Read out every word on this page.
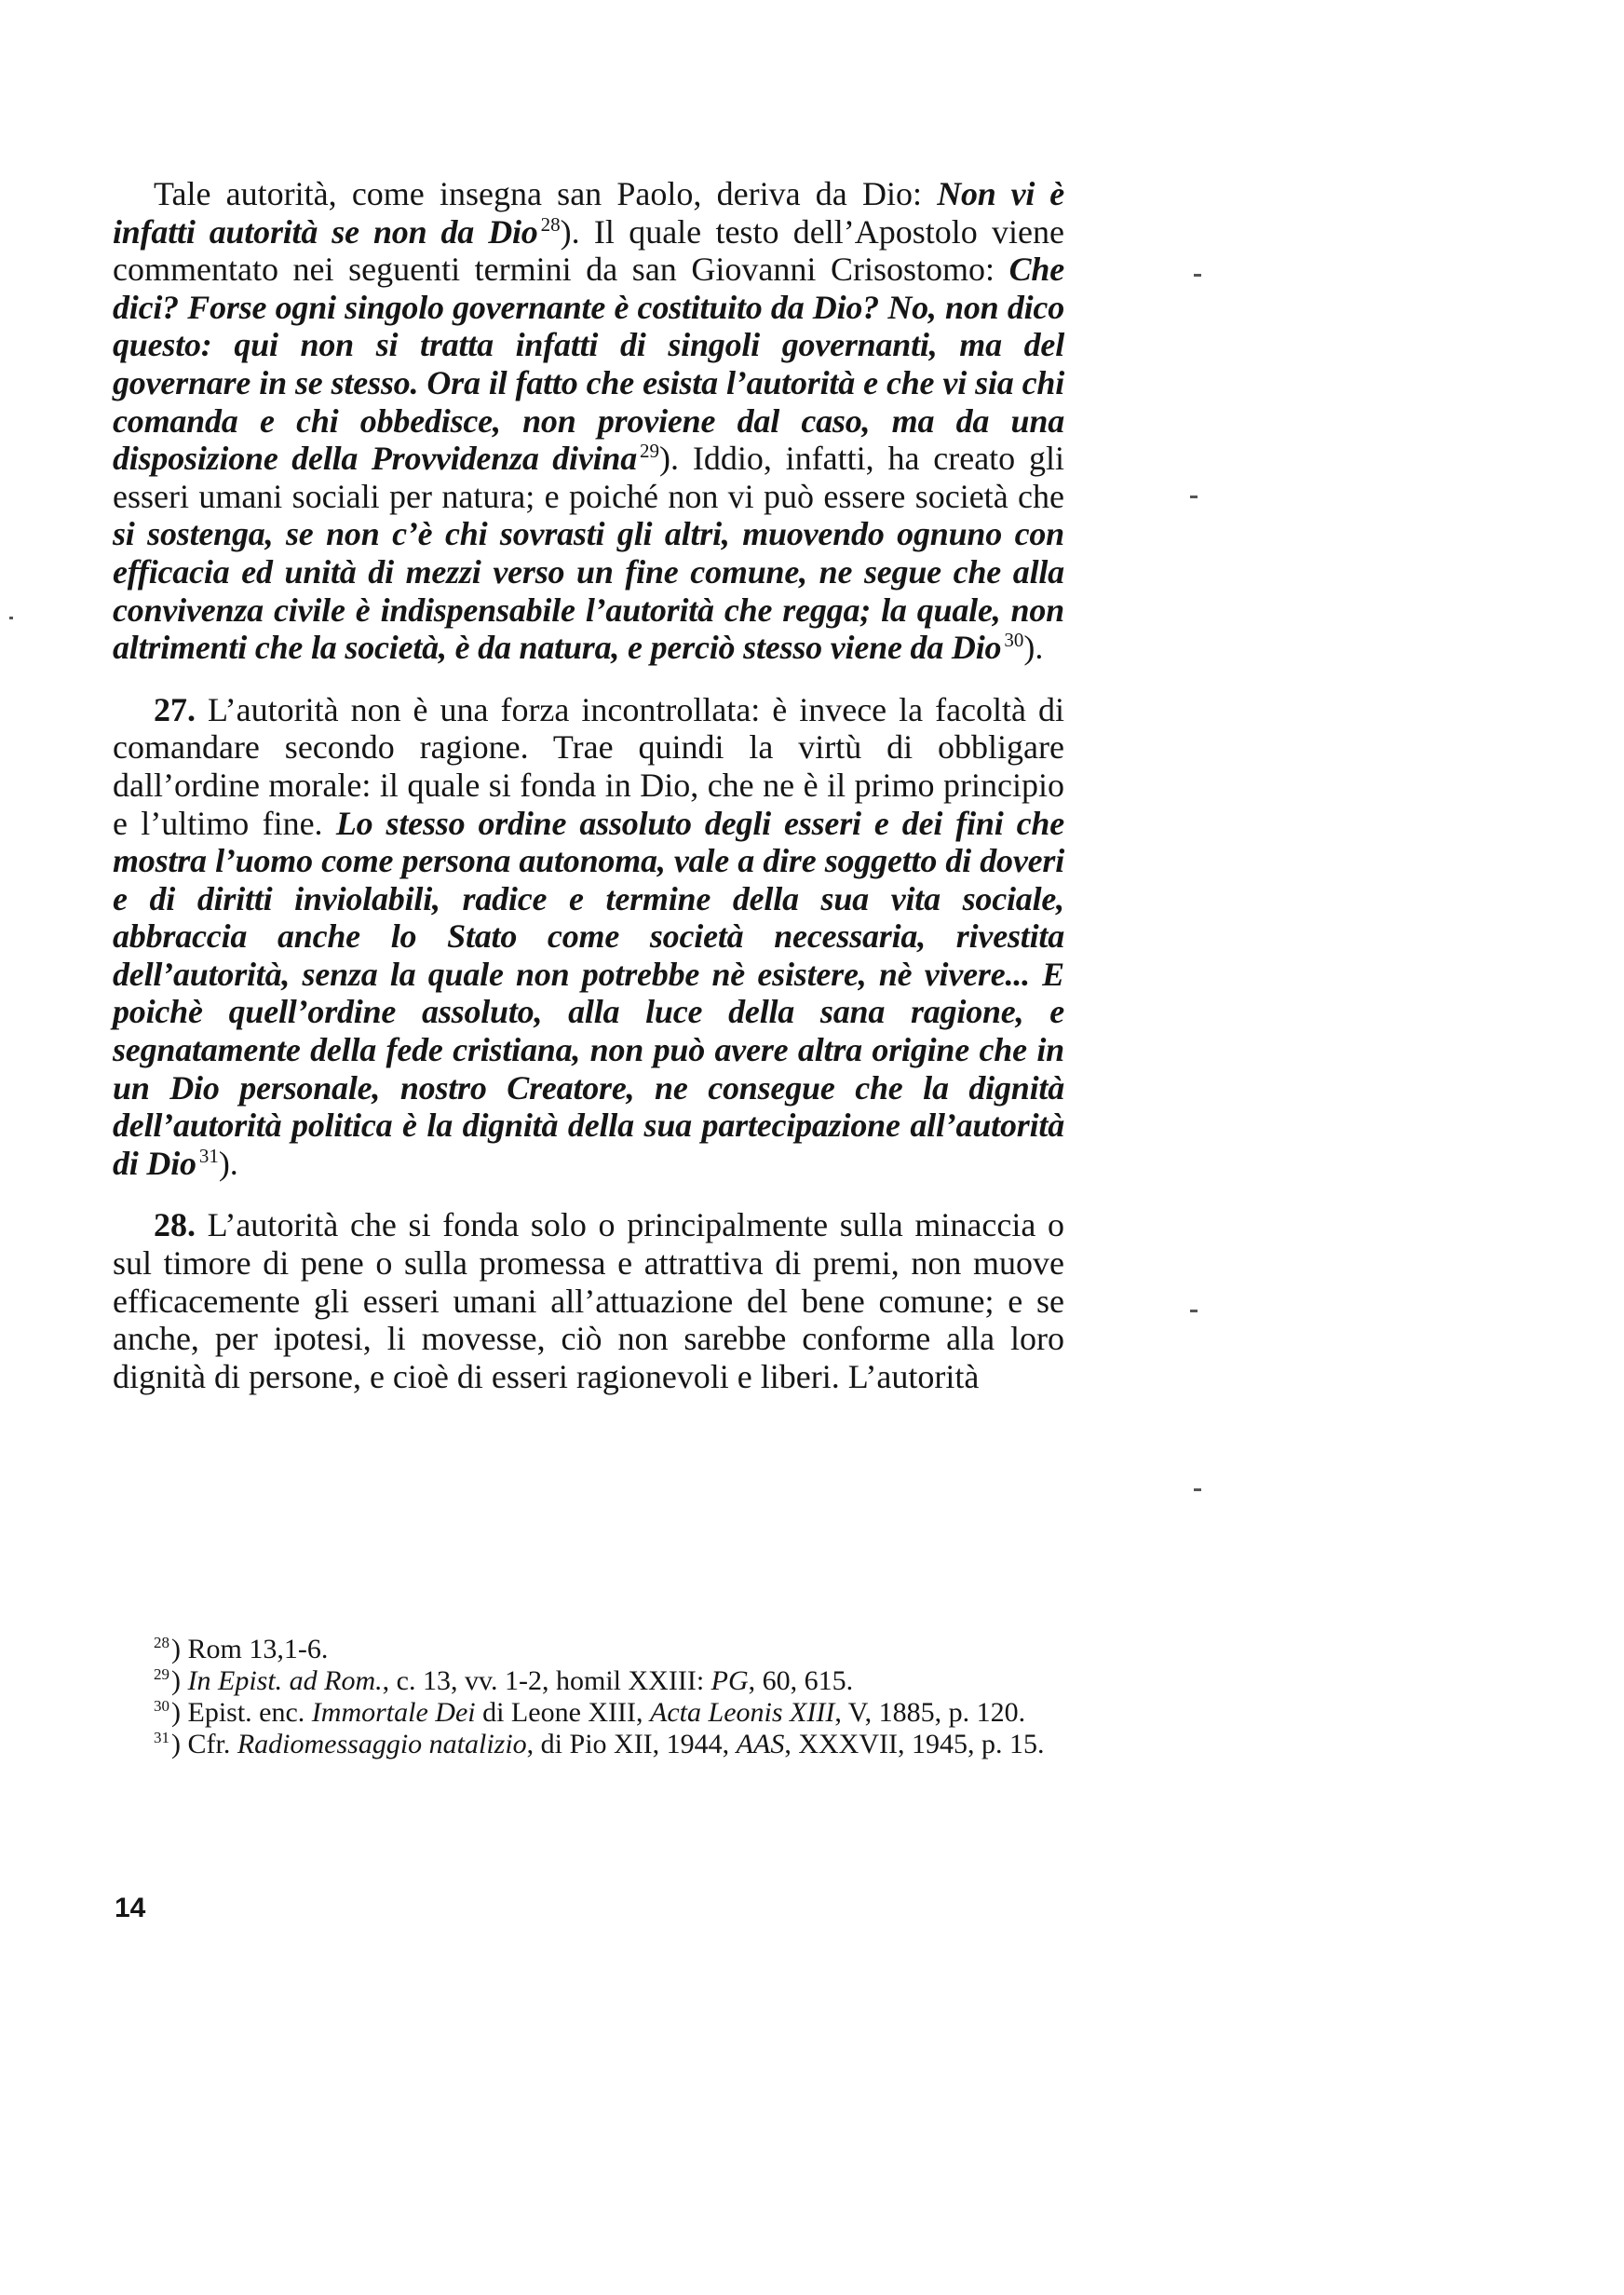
Tale autorità, come insegna san Paolo, deriva da Dio: Non vi è infatti autorità se non da Dio $^{28}$). Il quale testo dell’Apostolo viene commentato nei seguenti termini da san Giovanni Crisostomo: Che dici? Forse ogni singolo governante è costituito da Dio? No, non dico questo: qui non si tratta infatti di singoli governanti, ma del governare in se stesso. Ora il fatto che esista l’autorità e che vi sia chi comanda e chi obbedisce, non proviene dal caso, ma da una disposizione della Provvidenza divina $^{29}$). Iddio, infatti, ha creato gli esseri umani sociali per natura; e poiché non vi può essere società che si sostenga, se non c’è chi sovrasti gli altri, muovendo ognuno con efficacia ed unità di mezzi verso un fine comune, ne segue che alla convivenza civile è indispensabile l’autorità che regga; la quale, non altrimenti che la società, è da natura, e perciò stesso viene da Dio $^{30}$).

27. L’autorità non è una forza incontrollata: è invece la facoltà di comandare secondo ragione. Trae quindi la virtù di obbligare dall’ordine morale: il quale si fonda in Dio, che ne è il primo principio e l’ultimo fine. Lo stesso ordine assoluto degli esseri e dei fini che mostra l’uomo come persona autonoma, vale a dire soggetto di doveri e di diritti inviolabili, radice e termine della sua vita sociale, abbraccia anche lo Stato come società necessaria, rivestita dell’autorità, senza la quale non potrebbe nè esistere, nè vivere... E poichè quell’ordine assoluto, alla luce della sana ragione, e segnatamente della fede cristiana, non può avere altra origine che in un Dio personale, nostro Creatore, ne consegue che la dignità dell’autorità politica è la dignità della sua partecipazione all’autorità di Dio $^{31}$).

28. L’autorità che si fonda solo o principalmente sulla minaccia o sul timore di pene o sulla promessa e attrattiva di premi, non muove efficacemente gli esseri umani all’attuazione del bene comune; e se anche, per ipotesi, li movesse, ciò non sarebbe conforme alla loro dignità di persone, e cioè di esseri ragionevoli e liberi. L’autorità

$^{28}$) Rom 13,1-6.

$^{29}$) In Epist. ad Rom., c. 13, vv. 1-2, homil XXIII: PG, 60, 615.

$^{30}$) Epist. enc. Immortale Dei di Leone XIII, Acta Leonis XIII, V, 1885, p. 120.

$^{31}$) Cfr. Radiomessaggio natalizio, di Pio XII, 1944, AAS, XXXVII, 1945, p. 15.

14
